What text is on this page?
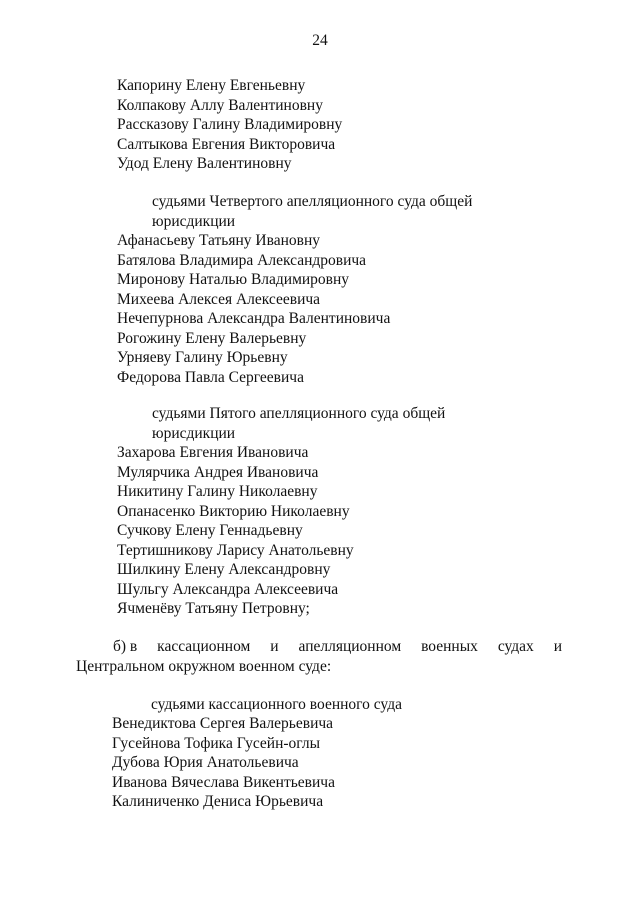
24
Капорину Елену Евгеньевну
Колпакову Аллу Валентиновну
Рассказову Галину Владимировну
Салтыкова Евгения Викторовича
Удод Елену Валентиновну
судьями Четвертого апелляционного суда общей
юрисдикции
Афанасьеву Татьяну Ивановну
Батялова Владимира Александровича
Миронову Наталью Владимировну
Михеева Алексея Алексеевича
Нечепурнова Александра Валентиновича
Рогожину Елену Валерьевну
Урняеву Галину Юрьевну
Федорова Павла Сергеевича
судьями Пятого апелляционного суда общей
юрисдикции
Захарова Евгения Ивановича
Мулярчика Андрея Ивановича
Никитину Галину Николаевну
Опанасенко Викторию Николаевну
Сучкову Елену Геннадьевну
Тертишникову Ларису Анатольевну
Шилкину Елену Александровну
Шульгу Александра Алексеевича
Ячменёву Татьяну Петровну;
б) в кассационном и апелляционном военных судах и
Центральном окружном военном суде:
судьями кассационного военного суда
Венедиктова Сергея Валерьевича
Гусейнова Тофика Гусейн-оглы
Дубова Юрия Анатольевича
Иванова Вячеслава Викентьевича
Калиниченко Дениса Юрьевича
